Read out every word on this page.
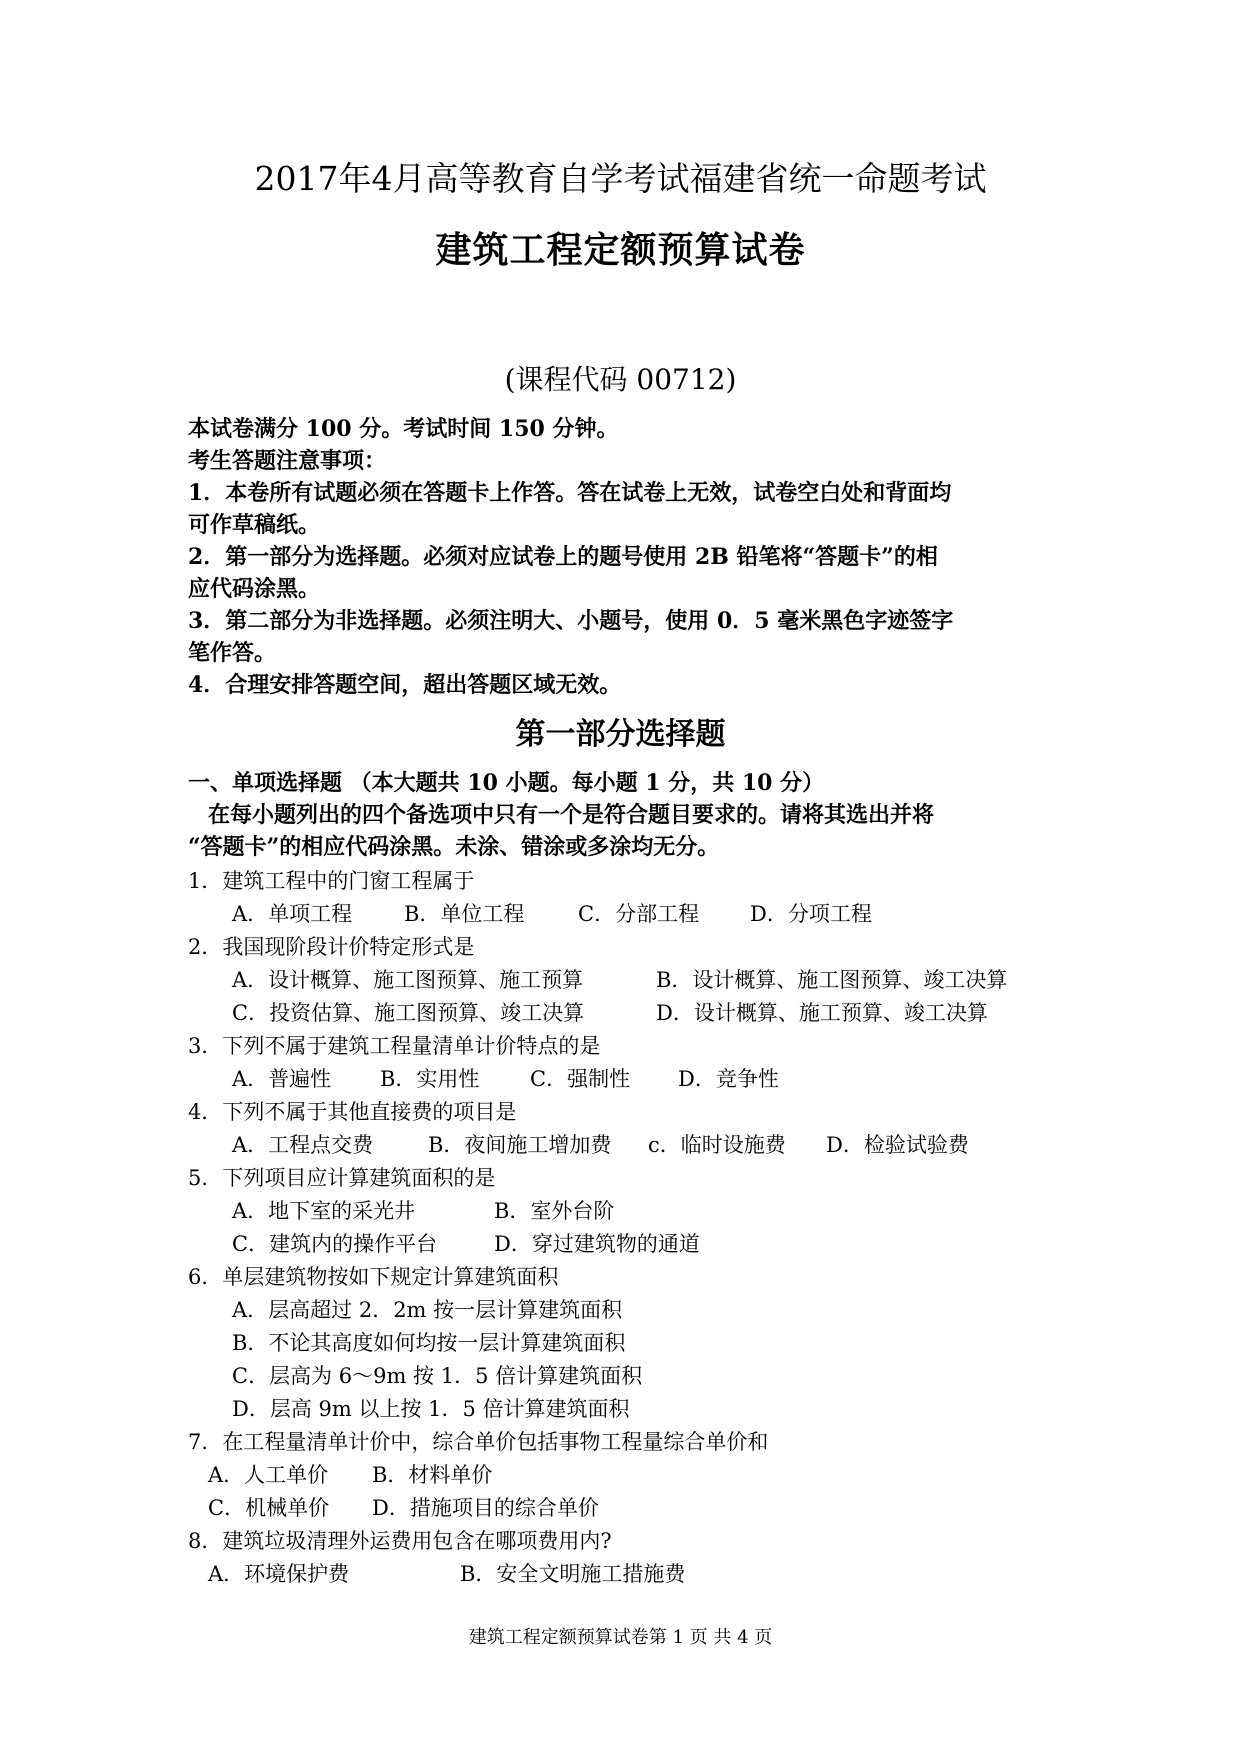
2017年4月高等教育自学考试福建省统一命题考试
建筑工程定额预算试卷
(课程代码 00712)
本试卷满分 100 分。考试时间 150 分钟。
考生答题注意事项：
1．本卷所有试题必须在答题卡上作答。答在试卷上无效，试卷空白处和背面均
可作草稿纸。
2．第一部分为选择题。必须对应试卷上的题号使用 2B 铅笔将“答题卡”的相
应代码涂黑。
3．第二部分为非选择题。必须注明大、小题号，使用 0．5 毫米黑色字迹签字
笔作答。
4．合理安排答题空间，超出答题区域无效。
第一部分选择题
一、单项选择题 （本大题共 10 小题。每小题 1 分，共 10 分）
在每小题列出的四个备选项中只有一个是符合题目要求的。请将其选出并将
“答题卡”的相应代码涂黑。未涂、错涂或多涂均无分。
1．建筑工程中的门窗工程属于
A．单项工程 B．单位工程	C．分部工程 D．分项工程
2．我国现阶段计价特定形式是
A．设计概算、施工图预算、施工预算	B．设计概算、施工图预算、竣工决算
C．投资估算、施工图预算、竣工决算	D．设计概算、施工预算、竣工决算
3．下列不属于建筑工程量清单计价特点的是
A．普遍性 B．实用性 C．强制性 D．竞争性
4．下列不属于其他直接费的项目是
A．工程点交费	B．夜间施工增加费 c．临时设施费 D．检验试验费
5．下列项目应计算建筑面积的是
A．地下室的采光井	B．室外台阶
C．建筑内的操作平台	D．穿过建筑物的通道
6．单层建筑物按如下规定计算建筑面积
A．层高超过 2．2m 按一层计算建筑面积
B．不论其高度如何均按一层计算建筑面积
C．层高为 6～9m 按 1．5 倍计算建筑面积
D．层高 9m 以上按 1．5 倍计算建筑面积
7．在工程量清单计价中，综合单价包括事物工程量综合单价和
A．人工单价 B．材料单价
C．机械单价 D．措施项目的综合单价
8．建筑垃圾清理外运费用包含在哪项费用内?
A．环境保护费	B．安全文明施工措施费
建筑工程定额预算试卷第 1 页 共 4 页
